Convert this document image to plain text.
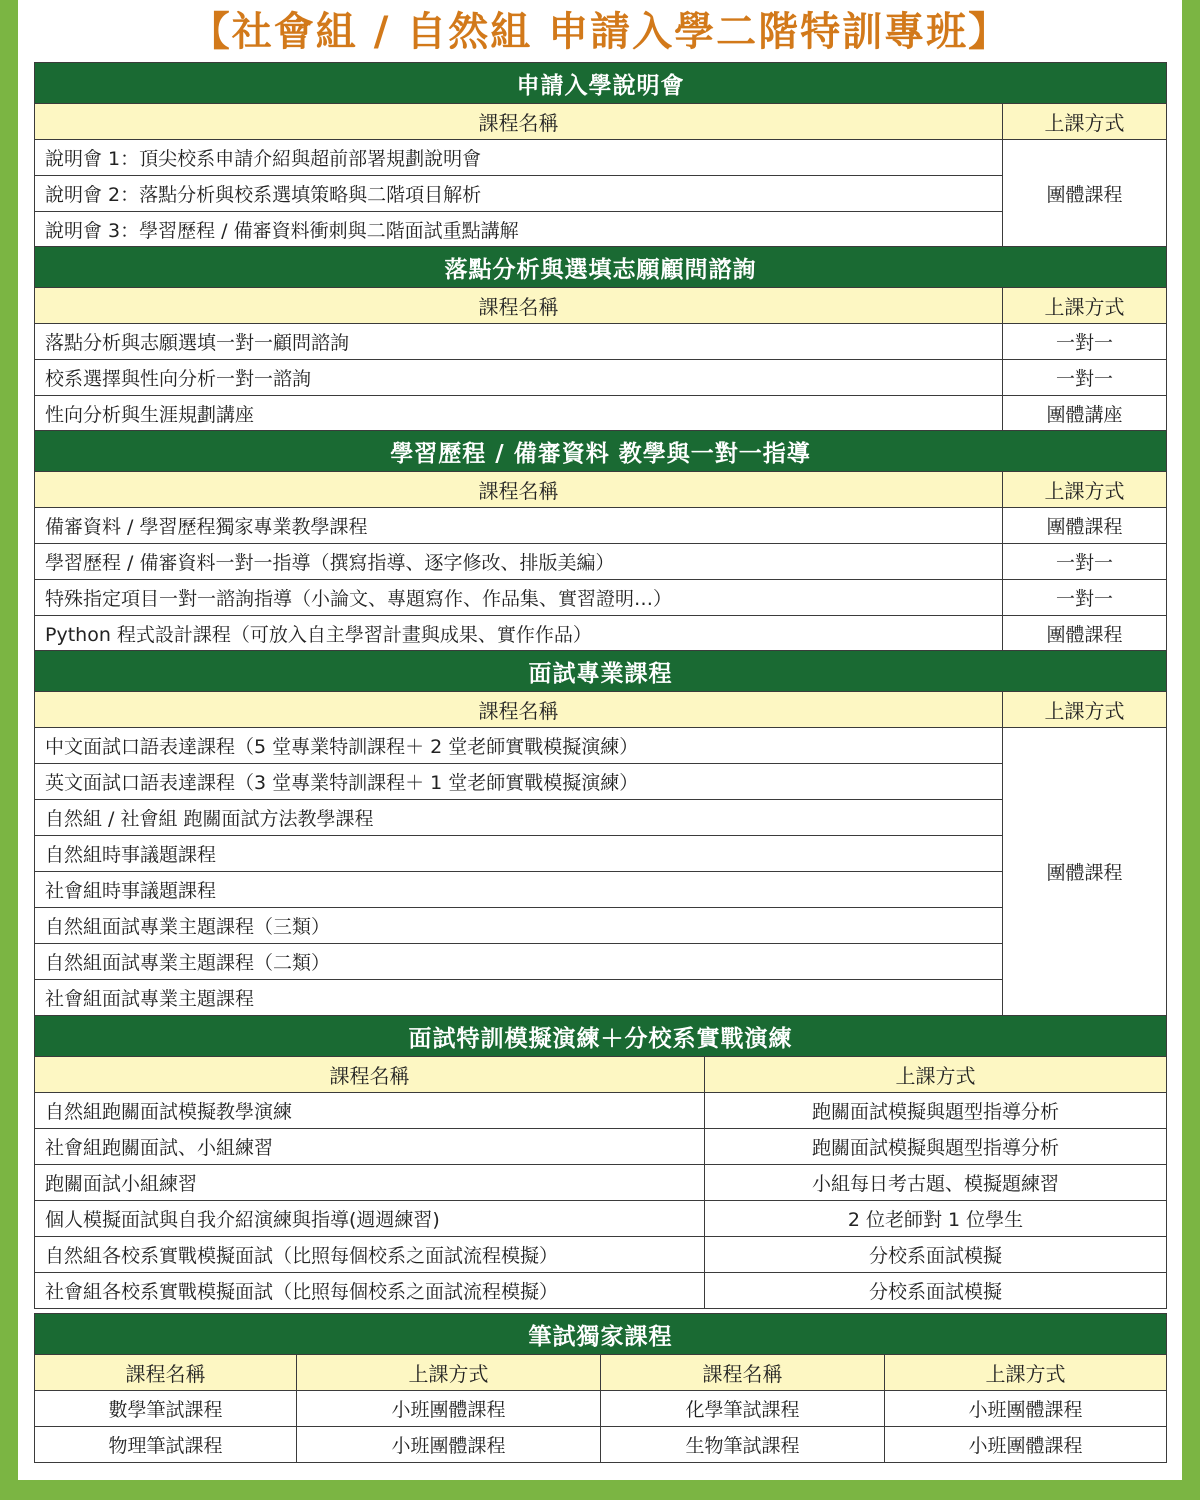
【社會組 / 自然組 申請入學二階特訓專班】
申請入學說明會	
課程名稱	上課方式
說明會 1：頂尖校系申請介紹與超前部署規劃說明會	團體課程
說明會 2：落點分析與校系選填策略與二階項目解析	
說明會 3：學習歷程 / 備審資料衝刺與二階面試重點講解	
落點分析與選填志願顧問諮詢	
課程名稱	上課方式
落點分析與志願選填一對一顧問諮詢	一對一
校系選擇與性向分析一對一諮詢	一對一
性向分析與生涯規劃講座	團體講座
學習歷程 / 備審資料 教學與一對一指導	
課程名稱	上課方式
備審資料 / 學習歷程獨家專業教學課程	團體課程
學習歷程 / 備審資料一對一指導（撰寫指導、逐字修改、排版美編）	一對一
特殊指定項目一對一諮詢指導（小論文、專題寫作、作品集、實習證明…）	一對一
Python 程式設計課程（可放入自主學習計畫與成果、實作作品）	團體課程
面試專業課程	
課程名稱	上課方式
中文面試口語表達課程（5 堂專業特訓課程＋ 2 堂老師實戰模擬演練）	團體課程
英文面試口語表達課程（3 堂專業特訓課程＋ 1 堂老師實戰模擬演練）	
自然組 / 社會組 跑關面試方法教學課程	
自然組時事議題課程	
社會組時事議題課程	
自然組面試專業主題課程（三類）	
自然組面試專業主題課程（二類）	
社會組面試專業主題課程	
面試特訓模擬演練＋分校系實戰演練	
課程名稱	上課方式
自然組跑關面試模擬教學演練	跑關面試模擬與題型指導分析
社會組跑關面試、小組練習	跑關面試模擬與題型指導分析
跑關面試小組練習	小組每日考古題、模擬題練習
個人模擬面試與自我介紹演練與指導(週週練習)	2 位老師對 1 位學生
自然組各校系實戰模擬面試（比照每個校系之面試流程模擬）	分校系面試模擬
社會組各校系實戰模擬面試（比照每個校系之面試流程模擬）	分校系面試模擬
筆試獨家課程			
課程名稱	上課方式	課程名稱	上課方式
數學筆試課程	小班團體課程	化學筆試課程	小班團體課程
物理筆試課程	小班團體課程	生物筆試課程	小班團體課程
